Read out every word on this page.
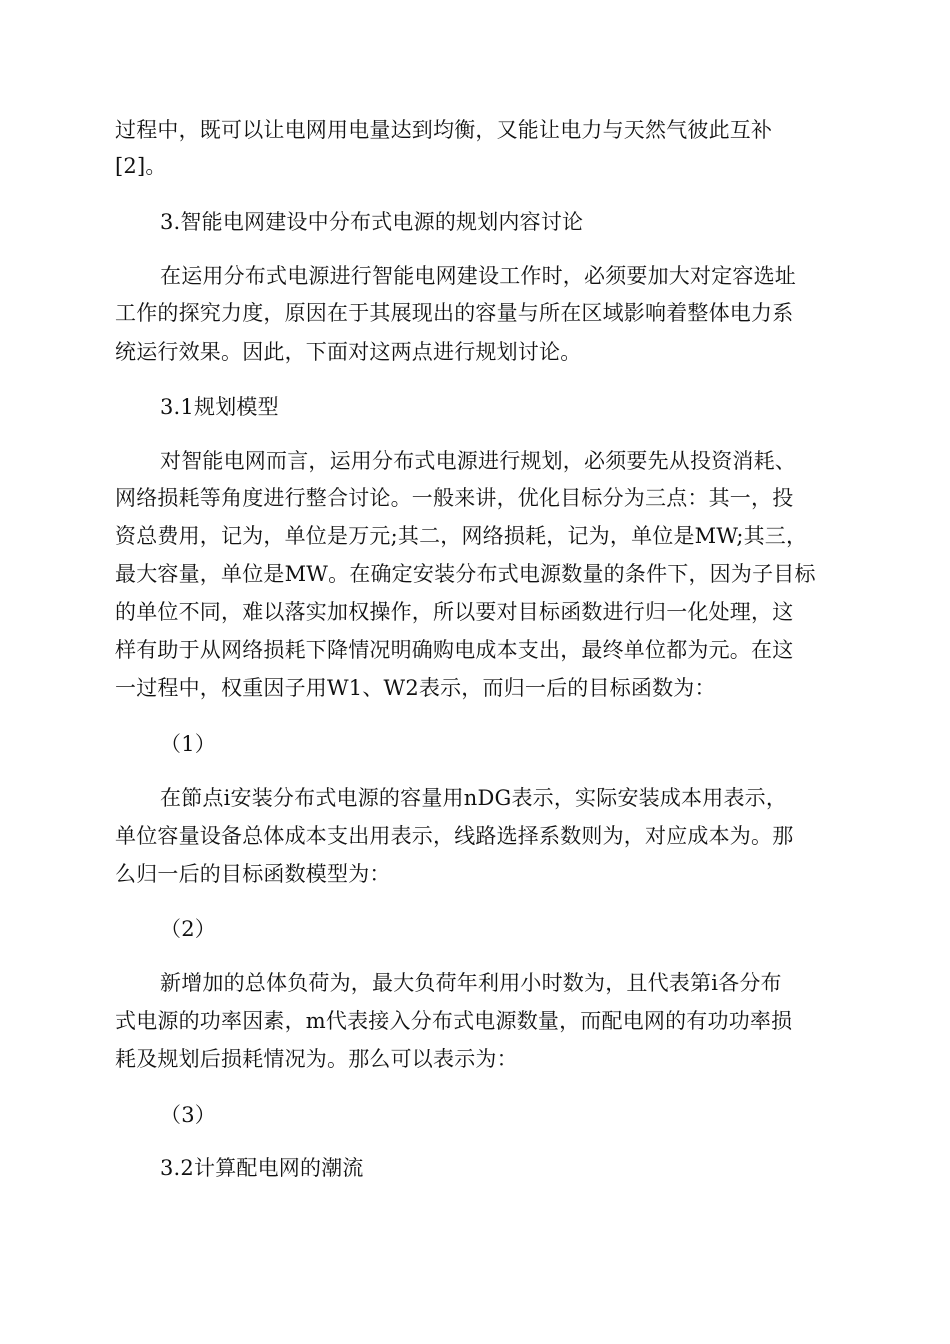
过程中，既可以让电网用电量达到均衡，又能让电力与天然气彼此互补
[2]。
3.智能电网建设中分布式电源的规划内容讨论
在运用分布式电源进行智能电网建设工作时，必须要加大对定容选址
工作的探究力度，原因在于其展现出的容量与所在区域影响着整体电力系
统运行效果。因此，下面对这两点进行规划讨论。
3.1规划模型
对智能电网而言，运用分布式电源进行规划，必须要先从投资消耗、
网络损耗等角度进行整合讨论。一般来讲，优化目标分为三点：其一，投
资总费用，记为，单位是万元;其二，网络损耗，记为，单位是MW;其三，
最大容量，单位是MW。在确定安装分布式电源数量的条件下，因为子目标
的单位不同，难以落实加权操作，所以要对目标函数进行归一化处理，这
样有助于从网络损耗下降情况明确购电成本支出，最终单位都为元。在这
一过程中，权重因子用W1、W2表示，而归一后的目标函数为：
（1）
在節点i安装分布式电源的容量用nDG表示，实际安装成本用表示，
单位容量设备总体成本支出用表示，线路选择系数则为，对应成本为。那
么归一后的目标函数模型为：
（2）
新增加的总体负荷为，最大负荷年利用小时数为，且代表第i各分布
式电源的功率因素，m代表接入分布式电源数量，而配电网的有功功率损
耗及规划后损耗情况为。那么可以表示为：
（3）
3.2计算配电网的潮流
